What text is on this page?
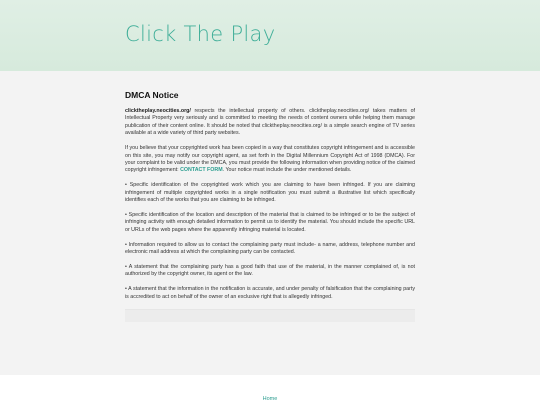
Click The Play
DMCA Notice

clicktheplay.neocities.org/ respects the intellectual property of others. clicktheplay.neocities.org/ takes matters of Intellectual Property very seriously and is committed to meeting the needs of content owners while helping them manage publication of their content online. It should be noted that clicktheplay.neocities.org/ is a simple search engine of TV series available at a wide variety of third party websites.

If you believe that your copyrighted work has been copied in a way that constitutes copyright infringement and is accessible on this site, you may notify our copyright agent, as set forth in the Digital Millennium Copyright Act of 1998 (DMCA). For your complaint to be valid under the DMCA, you must provide the following information when providing notice of the claimed copyright infringement: CONTACT FORM. Your notice must include the under mentioned details.

• Specific identification of the copyrighted work which you are claiming to have been infringed. If you are claiming infringement of multiple copyrighted works in a single notification you must submit a illustrative list which specifically identifies each of the works that you are claiming to be infringed.

• Specific identification of the location and description of the material that is claimed to be infringed or to be the subject of infringing activity with enough detailed information to permit us to identify the material. You should include the specific URL or URLs of the web pages where the apparently infringing material is located.

• Information required to allow us to contact the complaining party must include- a name, address, telephone number and electronic mail address at which the complaining party can be contacted.

• A statement that the complaining party has a good faith that use of the material, in the manner complained of, is not authorized by the copyright owner, its agent or the law.

• A statement that the information in the notification is accurate, and under penalty of falsification that the complaining party is accredited to act on behalf of the owner of an exclusive right that is allegedly infringed.

Home
